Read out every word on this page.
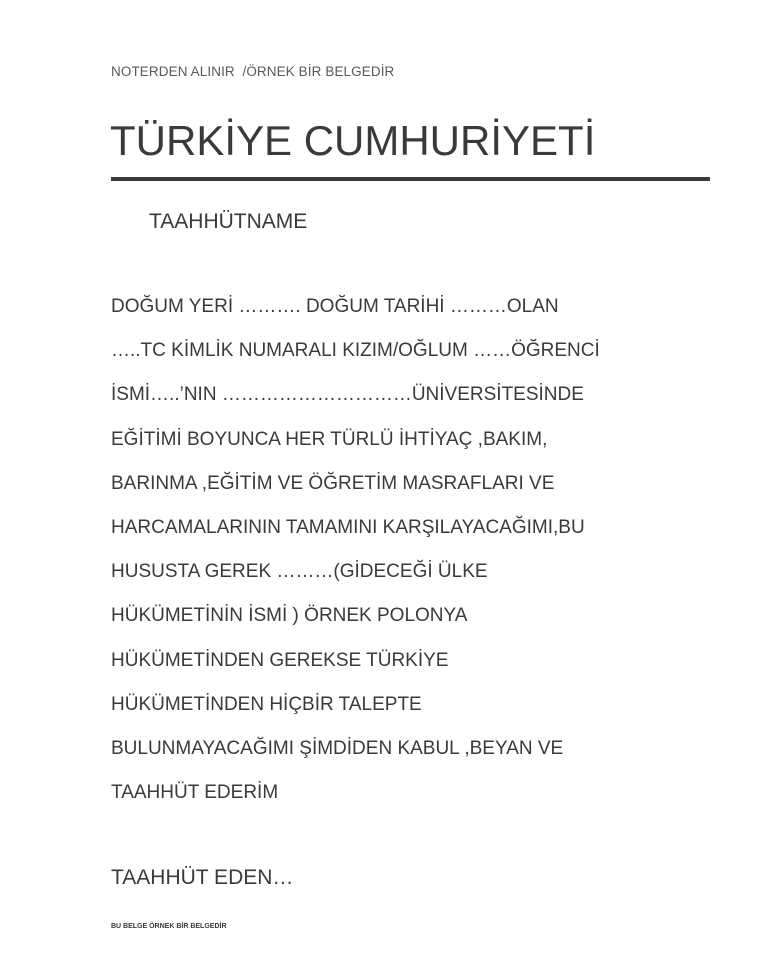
NOTERDEN ALINIR  /ÖRNEK BİR BELGEDİR
TÜRKİYE CUMHURİYETİ
TAAHHÜTNAME
DOĞUM YERİ ………. DOĞUM TARİHİ ………OLAN
…..TC KİMLİK NUMARALI KIZIM/OĞLUM ……ÖĞRENCİ
İSMİ…..’NIN …………………………ÜNİVERSİTESİNDE
EĞİTİMİ BOYUNCA HER TÜRLÜ İHTİYAÇ ,BAKIM,
BARINMA ,EĞİTİM VE ÖĞRETİM MASRAFLARI VE
HARCAMALARININ TAMAMINI KARŞILAYACAĞIMI,BU
HUSUSTA GEREK ………(GİDECEĞİ ÜLKE
HÜKÜMETİNİN İSMİ ) ÖRNEK POLONYA
HÜKÜMETİNDEN GEREKSE TÜRKİYE
HÜKÜMETİNDEN HİÇBİR TALEPTE
BULUNMAYACAĞIMI ŞİMDİDEN KABUL ,BEYAN VE
TAAHHÜT EDERİM
TAAHHÜT EDEN…
BU BELGE ÖRNEK BİR BELGEDİR
